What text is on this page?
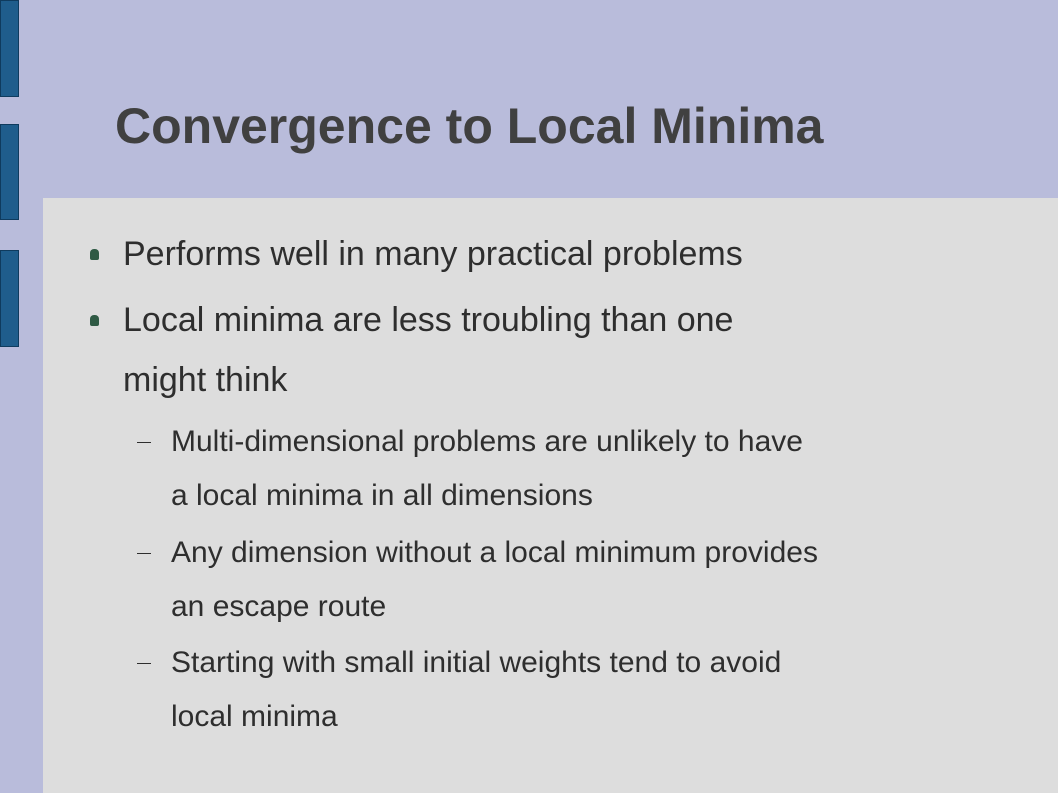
Convergence to Local Minima
Performs well in many practical problems
Local minima are less troubling than one
might think
Multi-dimensional problems are unlikely to have
a local minima in all dimensions
Any dimension without a local minimum provides
an escape route
Starting with small initial weights tend to avoid
local minima
